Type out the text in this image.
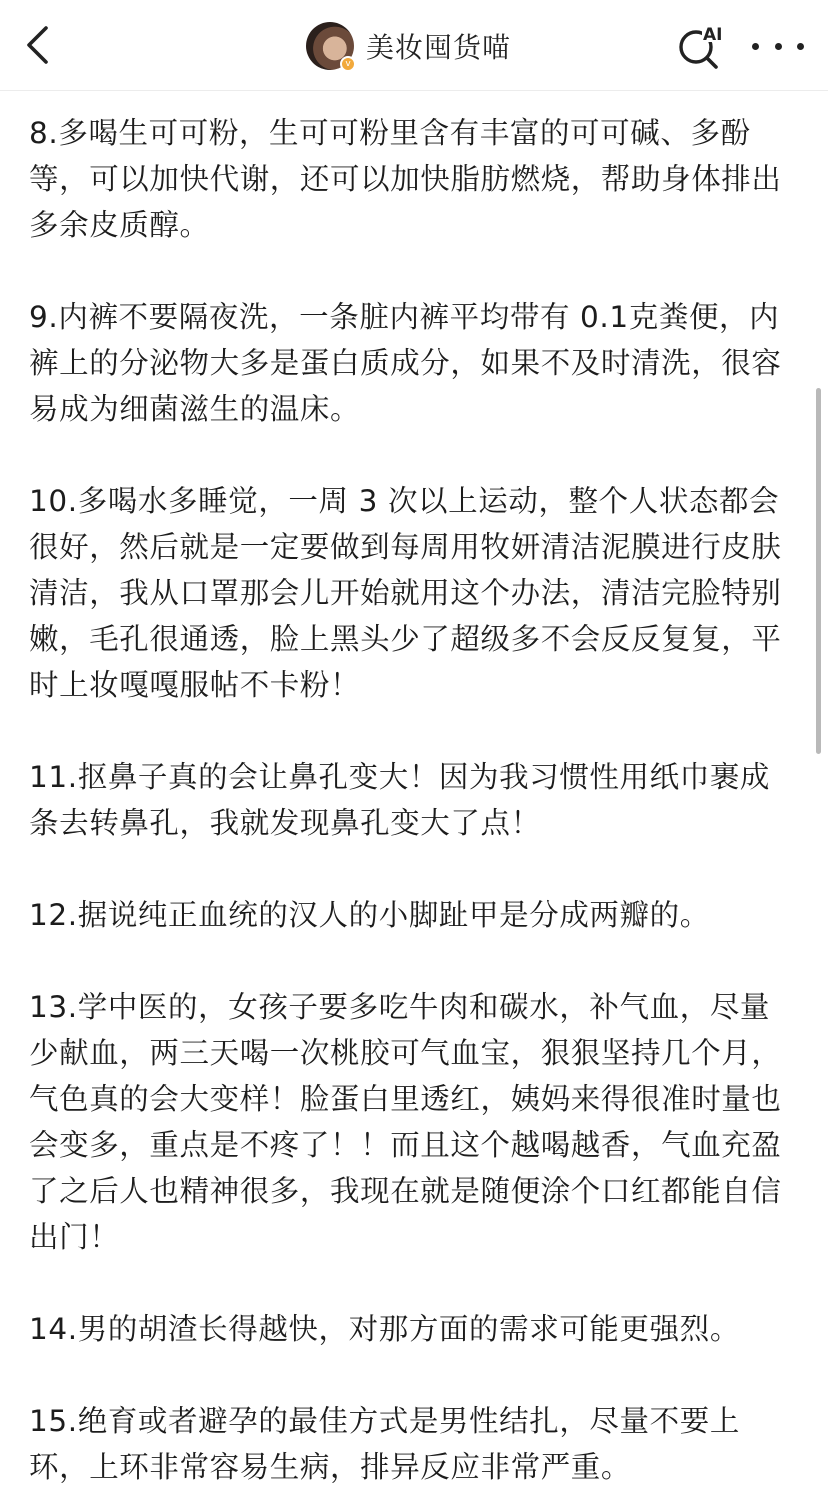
v 美妆囤货喵	AI

8.多喝生可可粉，生可可粉里含有丰富的可可碱、多酚等，可以加快代谢，还可以加快脂肪燃烧，帮助身体排出多余皮质醇。

9.内裤不要隔夜洗，一条脏内裤平均带有 0.1克粪便，内裤上的分泌物大多是蛋白质成分，如果不及时清洗，很容易成为细菌滋生的温床。

10.多喝水多睡觉，一周 3 次以上运动，整个人状态都会很好，然后就是一定要做到每周用牧妍清洁泥膜进行皮肤清洁，我从口罩那会儿开始就用这个办法，清洁完脸特别嫩，毛孔很通透，脸上黑头少了超级多不会反反复复，平时上妆嘎嘎服帖不卡粉！

11.抠鼻子真的会让鼻孔变大！因为我习惯性用纸巾裹成条去转鼻孔，我就发现鼻孔变大了点！

12.据说纯正血统的汉人的小脚趾甲是分成两瓣的。

13.学中医的，女孩子要多吃牛肉和碳水，补气血，尽量少献血，两三天喝一次桃胶可气血宝，狠狠坚持几个月，气色真的会大变样！脸蛋白里透红，姨妈来得很准时量也会变多，重点是不疼了！！而且这个越喝越香，气血充盈了之后人也精神很多，我现在就是随便涂个口红都能自信出门！

14.男的胡渣长得越快，对那方面的需求可能更强烈。

15.绝育或者避孕的最佳方式是男性结扎，尽量不要上环，上环非常容易生病，排异反应非常严重。
